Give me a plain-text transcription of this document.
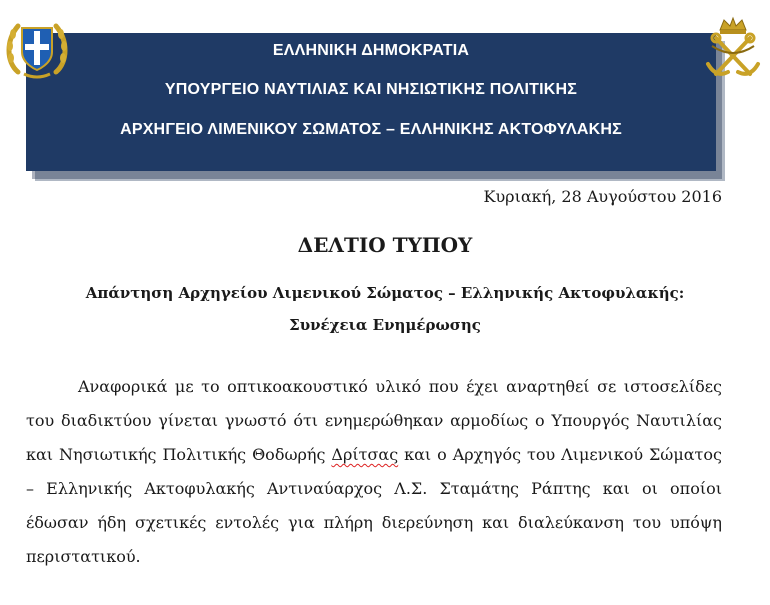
ΕΛΛΗΝΙΚΗ ΔΗΜΟΚΡΑΤΙΑ
ΥΠΟΥΡΓΕΙΟ ΝΑΥΤΙΛΙΑΣ ΚΑΙ ΝΗΣΙΩΤΙΚΗΣ ΠΟΛΙΤΙΚΗΣ
ΑΡΧΗΓΕΙΟ ΛΙΜΕΝΙΚΟΥ ΣΩΜΑΤΟΣ – ΕΛΛΗΝΙΚΗΣ ΑΚΤΟΦΥΛΑΚΗΣ
Κυριακή, 28 Αυγούστου 2016
ΔΕΛΤΙΟ ΤΥΠΟΥ
Απάντηση Αρχηγείου Λιμενικού Σώματος – Ελληνικής Ακτοφυλακής:
Συνέχεια Ενημέρωσης

Αναφορικά με το οπτικοακουστικό υλικό που έχει αναρτηθεί σε ιστοσελίδες του διαδικτύου γίνεται γνωστό ότι ενημερώθηκαν αρμοδίως ο Υπουργός Ναυτιλίας και Νησιωτικής Πολιτικής Θοδωρής Δρίτσας και ο Αρχηγός του Λιμενικού Σώματος – Ελληνικής Ακτοφυλακής Αντιναύαρχος Λ.Σ. Σταμάτης Ράπτης και οι οποίοι έδωσαν ήδη σχετικές εντολές για πλήρη διερεύνηση και διαλεύκανση του υπόψη περιστατικού.
